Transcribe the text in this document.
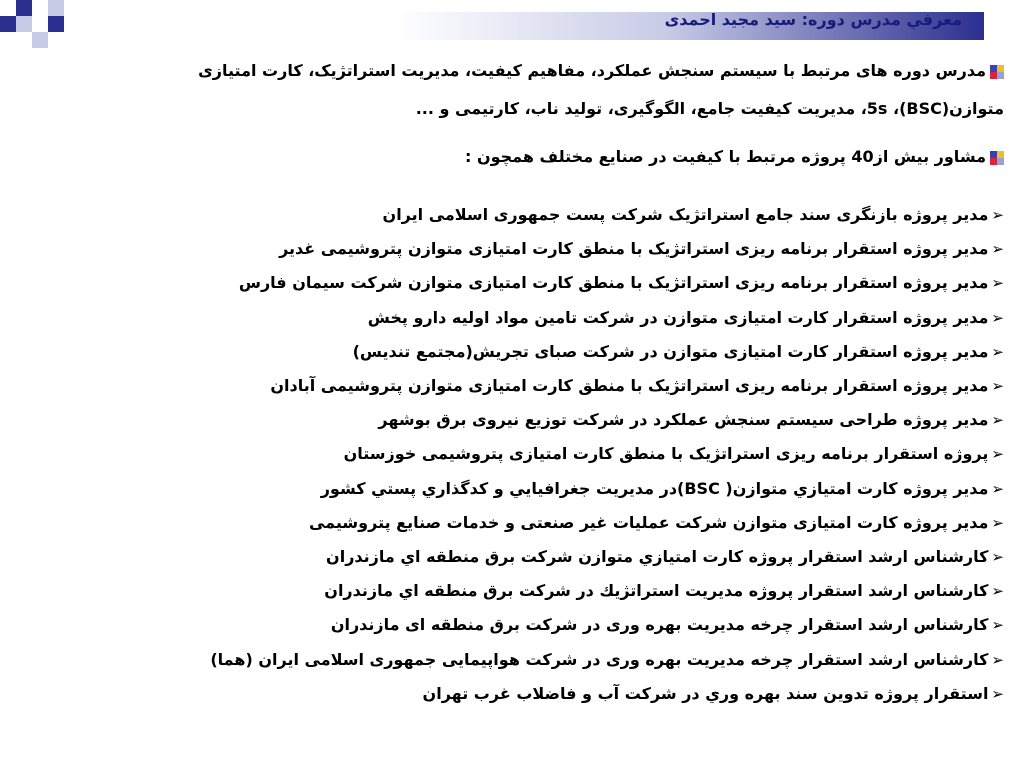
معرفي مدرس دوره: سيد مجيد احمدی

مدرس دوره های مرتبط با سیستم سنجش عملکرد، مفاهیم کیفیت، مدیریت استراتژیک، کارت امتیازی متوازن(BSC)، 5s، مدیریت کیفیت جامع، الگوگیری، تولید ناب، کارتیمی و ...

مشاور بیش از40 پروژه مرتبط با کیفیت در صنایع مختلف همچون :

➢مدیر پروژه بازنگری سند جامع استراتژیک شرکت پست جمهوری اسلامی ایران
➢مدیر پروژه استقرار برنامه ریزی استراتژیک با منطق کارت امتیازی متوازن پتروشیمی غدیر
➢مدیر پروژه استقرار برنامه ریزی استراتژیک با منطق کارت امتیازی متوازن شرکت سیمان فارس
➢مدیر پروژه استقرار کارت امتیازی متوازن در شرکت تامین مواد اولیه دارو پخش
➢مدیر پروژه استقرار کارت امتیازی متوازن در شرکت صبای تجریش(مجتمع تندیس)
➢مدیر پروژه استقرار برنامه ریزی استراتژیک با منطق کارت امتیازی متوازن پتروشیمی آبادان
➢مدیر پروژه طراحی سیستم سنجش عملکرد در شرکت توزیع نیروی برق بوشهر
➢پروژه استقرار برنامه ریزی استراتژیک با منطق کارت امتیازی پتروشیمی خوزستان
➢مدیر پروژه کارت امتیازي متوازن( BSC)در مدیریت جغرافیايي و کدگذاري پستي کشور
➢مدیر پروژه کارت امتیازی متوازن شرکت عملیات غیر صنعتی و خدمات صنایع پتروشیمی
➢کارشناس ارشد استقرار پروژه کارت امتیازي متوازن شرکت برق منطقه اي مازندران
➢کارشناس ارشد استقرار پروژه مدیریت استراتژیك در شرکت برق منطقه اي مازندران
➢کارشناس ارشد استقرار چرخه مدیریت بهره وری در شرکت برق منطقه ای مازندران
➢کارشناس ارشد استقرار چرخه مدیریت بهره وری در شرکت هواپیمایی جمهوری اسلامی ایران (هما)
➢استقرار پروژه تدوین سند بهره وري در شرکت آب و فاضلاب غرب تهران
